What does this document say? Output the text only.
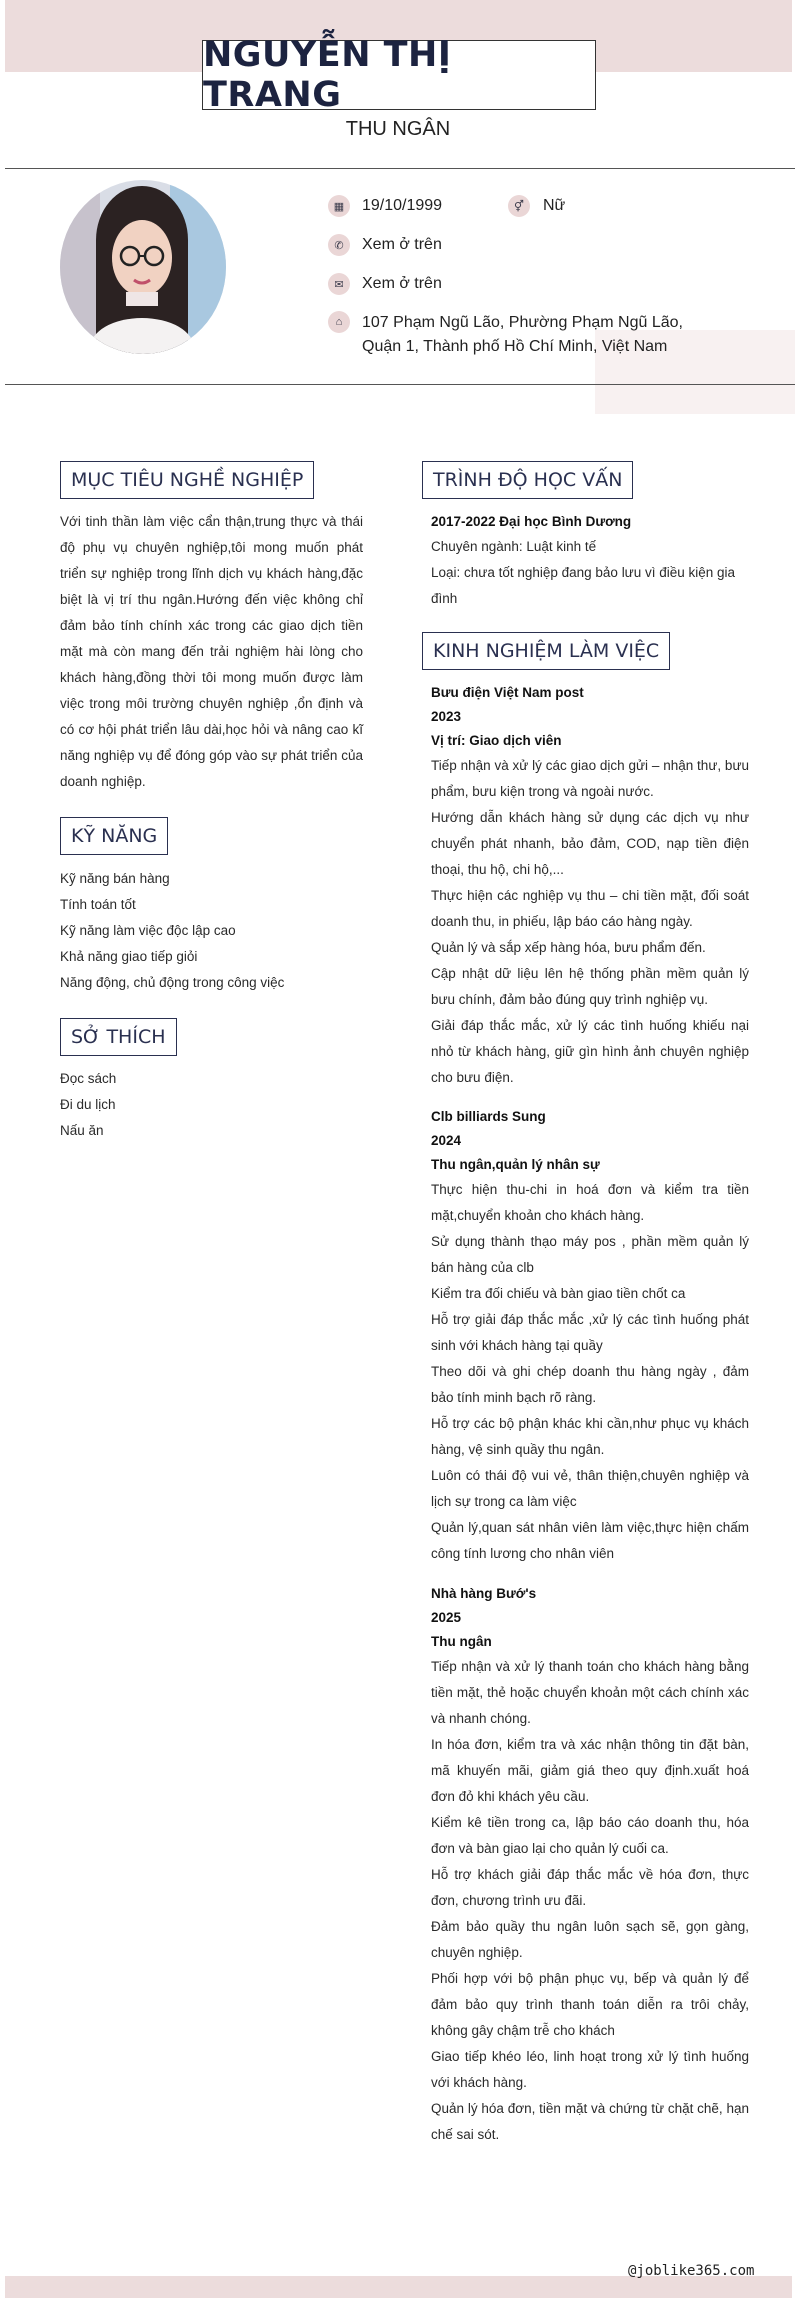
NGUYỄN THỊ TRANG
THU NGÂN
▦	19/10/1999	⚥	Nữ
✆	Xem ở trên
✉	Xem ở trên
⌂	107 Phạm Ngũ Lão, Phường Phạm Ngũ Lão,
Quận 1, Thành phố Hồ Chí Minh, Việt Nam
MỤC TIÊU NGHỀ NGHIỆP

Với tinh thần làm việc cẩn thận,trung thực và thái độ phụ vụ chuyên nghiệp,tôi mong muốn phát triển sự nghiệp trong lĩnh dịch vụ khách hàng,đặc biệt là vị trí thu ngân.Hướng đến việc không chỉ đảm bảo tính chính xác trong các giao dịch tiền mặt mà còn mang đến trải nghiệm hài lòng cho khách hàng,đồng thời tôi mong muốn được làm việc trong môi trường chuyên nghiệp ,ổn định và có cơ hội phát triển lâu dài,học hỏi và nâng cao kĩ năng nghiệp vụ để đóng góp vào sự phát triển của doanh nghiệp.

KỸ NĂNG
Kỹ năng bán hàng
Tính toán tốt
Kỹ năng làm việc độc lập cao
Khả năng giao tiếp giỏi
Năng động, chủ động trong công việc
SỞ THÍCH
Đọc sách
Đi du lịch
Nấu ăn
TRÌNH ĐỘ HỌC VẤN
2017-2022 Đại học Bình Dương
Chuyên ngành: Luật kinh tế
Loại: chưa tốt nghiệp đang bảo lưu vì điều kiện gia đình
KINH NGHIỆM LÀM VIỆC
Bưu điện Việt Nam post
2023
Vị trí: Giao dịch viên
Tiếp nhận và xử lý các giao dịch gửi – nhận thư, bưu phẩm, bưu kiện trong và ngoài nước.
Hướng dẫn khách hàng sử dụng các dịch vụ như chuyển phát nhanh, bảo đảm, COD, nạp tiền điện thoại, thu hộ, chi hộ,...
Thực hiện các nghiệp vụ thu – chi tiền mặt, đối soát doanh thu, in phiếu, lập báo cáo hàng ngày.
Quản lý và sắp xếp hàng hóa, bưu phẩm đến.
Cập nhật dữ liệu lên hệ thống phần mềm quản lý bưu chính, đảm bảo đúng quy trình nghiệp vụ.
Giải đáp thắc mắc, xử lý các tình huống khiếu nại nhỏ từ khách hàng, giữ gìn hình ảnh chuyên nghiệp cho bưu điện.
Clb billiards Sung
2024
Thu ngân,quản lý nhân sự
Thực hiện thu-chi in hoá đơn và kiểm tra tiền mặt,chuyển khoản cho khách hàng.
Sử dụng thành thạo máy pos , phần mềm quản lý bán hàng của clb
Kiểm tra đối chiếu và bàn giao tiền chốt ca
Hỗ trợ giải đáp thắc mắc ,xử lý các tình huống phát sinh với khách hàng tại quầy
Theo dõi và ghi chép doanh thu hàng ngày , đảm bảo tính minh bạch rõ ràng.
Hỗ trợ các bộ phận khác khi cần,như phục vụ khách hàng, vệ sinh quầy thu ngân.
Luôn có thái độ vui vẻ, thân thiện,chuyên nghiệp và lịch sự trong ca làm việc
Quản lý,quan sát nhân viên làm việc,thực hiện chấm công tính lương cho nhân viên
Nhà hàng Bướ's
2025
Thu ngân
Tiếp nhận và xử lý thanh toán cho khách hàng bằng tiền mặt, thẻ hoặc chuyển khoản một cách chính xác và nhanh chóng.
In hóa đơn, kiểm tra và xác nhận thông tin đặt bàn, mã khuyến mãi, giảm giá theo quy định.xuất hoá đơn đỏ khi khách yêu cầu.
Kiểm kê tiền trong ca, lập báo cáo doanh thu, hóa đơn và bàn giao lại cho quản lý cuối ca.
Hỗ trợ khách giải đáp thắc mắc về hóa đơn, thực đơn, chương trình ưu đãi.
Đảm bảo quầy thu ngân luôn sạch sẽ, gọn gàng, chuyên nghiệp.
Phối hợp với bộ phận phục vụ, bếp và quản lý để đảm bảo quy trình thanh toán diễn ra trôi chảy, không gây chậm trễ cho khách
Giao tiếp khéo léo, linh hoạt trong xử lý tình huống với khách hàng.
Quản lý hóa đơn, tiền mặt và chứng từ chặt chẽ, hạn chế sai sót.
@joblike365.com
